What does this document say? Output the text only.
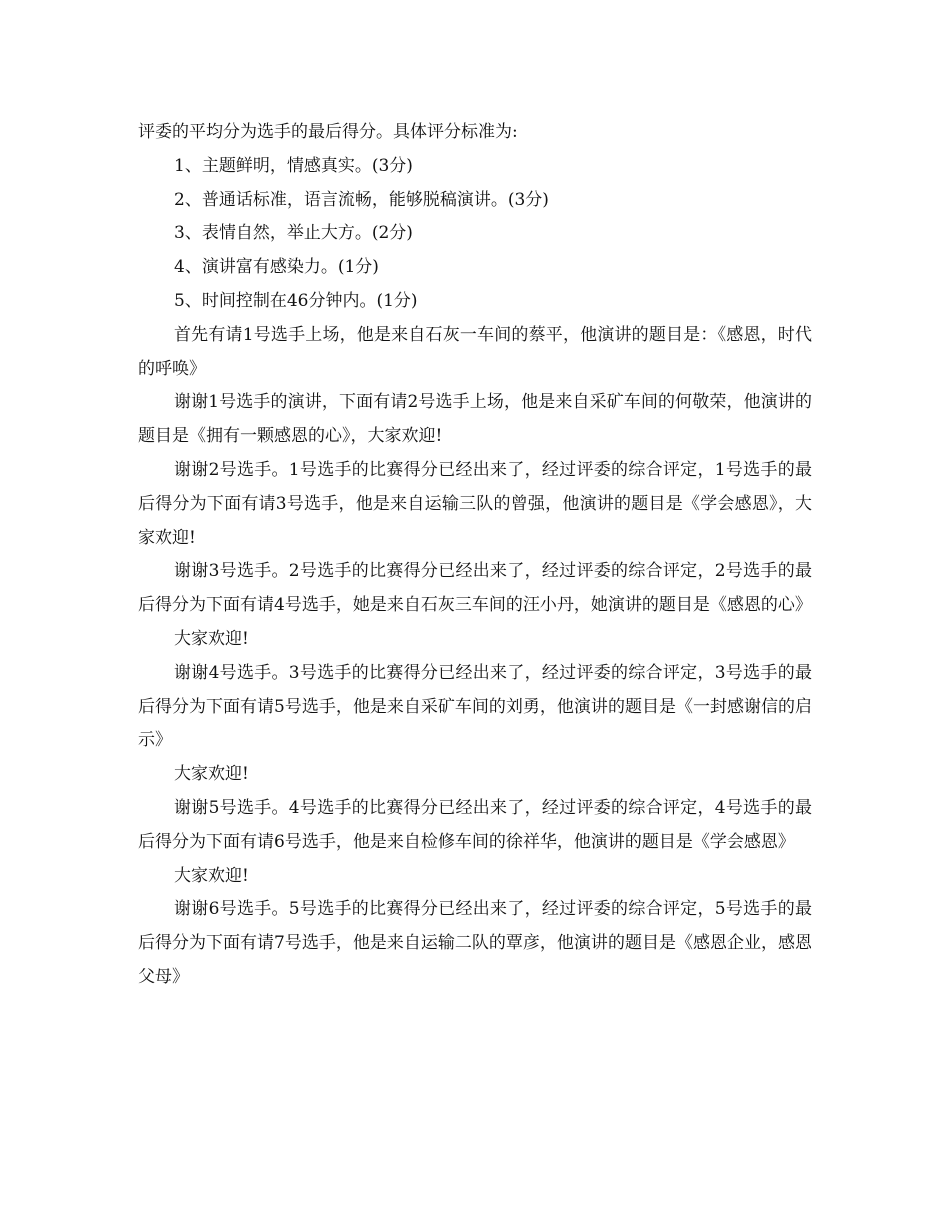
评委的平均分为选手的最后得分。具体评分标准为:

1、主题鲜明，情感真实。(3分)

2、普通话标准，语言流畅，能够脱稿演讲。(3分)

3、表情自然，举止大方。(2分)

4、演讲富有感染力。(1分)

5、时间控制在46分钟内。(1分)

首先有请1号选手上场，他是来自石灰一车间的蔡平，他演讲的题目是：《感恩，时代的呼唤》

谢谢1号选手的演讲，下面有请2号选手上场，他是来自采矿车间的何敬荣，他演讲的题目是《拥有一颗感恩的心》，大家欢迎!

谢谢2号选手。1号选手的比赛得分已经出来了，经过评委的综合评定，1号选手的最后得分为下面有请3号选手，他是来自运输三队的曾强，他演讲的题目是《学会感恩》，大家欢迎!

谢谢3号选手。2号选手的比赛得分已经出来了，经过评委的综合评定，2号选手的最后得分为下面有请4号选手，她是来自石灰三车间的汪小丹，她演讲的题目是《感恩的心》

大家欢迎!

谢谢4号选手。3号选手的比赛得分已经出来了，经过评委的综合评定，3号选手的最后得分为下面有请5号选手，他是来自采矿车间的刘勇，他演讲的题目是《一封感谢信的启示》

大家欢迎!

谢谢5号选手。4号选手的比赛得分已经出来了，经过评委的综合评定，4号选手的最后得分为下面有请6号选手，他是来自检修车间的徐祥华，他演讲的题目是《学会感恩》

大家欢迎!

谢谢6号选手。5号选手的比赛得分已经出来了，经过评委的综合评定，5号选手的最后得分为下面有请7号选手，他是来自运输二队的覃彦，他演讲的题目是《感恩企业，感恩父母》
